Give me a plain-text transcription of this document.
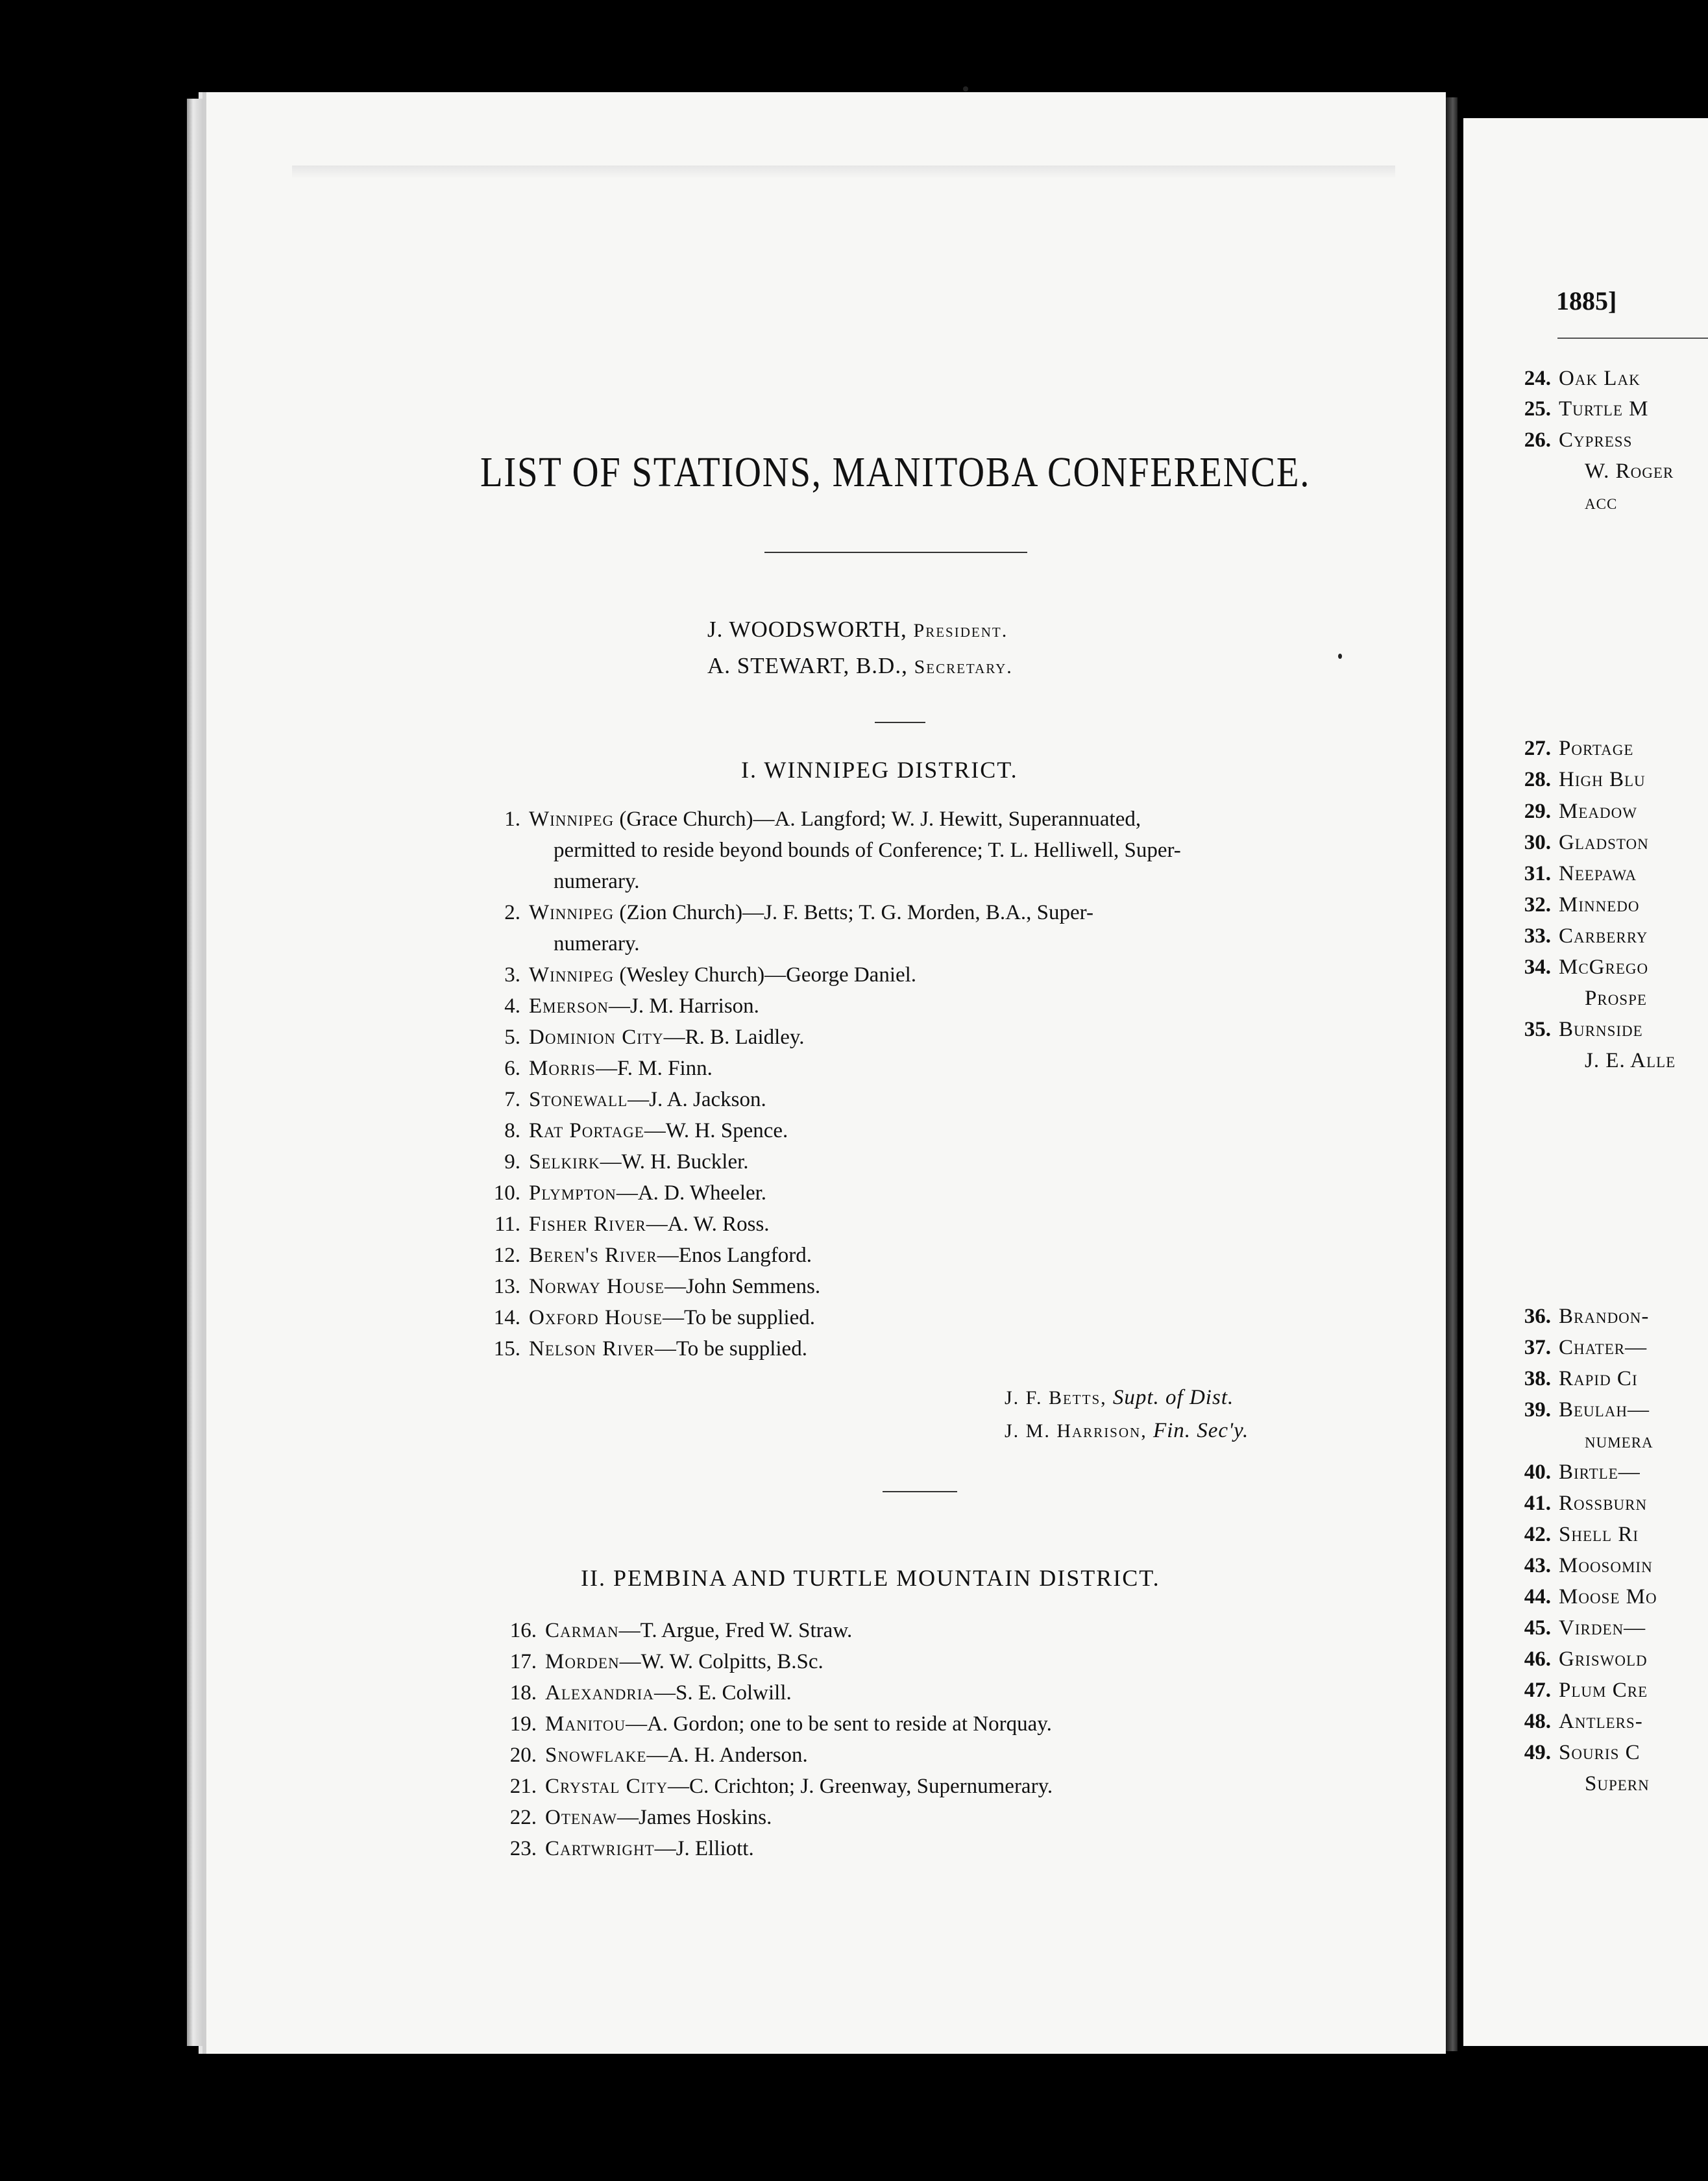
LIST OF STATIONS, MANITOBA CONFERENCE.
J. WOODSWORTH, President.
A. STEWART, B.D., Secretary.
I. WINNIPEG DISTRICT.
1. Winnipeg (Grace Church)—A. Langford; W. J. Hewitt, Superannuated,
permitted to reside beyond bounds of Conference; T. L. Helliwell, Super-
numerary.
2. Winnipeg (Zion Church)—J. F. Betts; T. G. Morden, B.A., Super-
numerary.
3. Winnipeg (Wesley Church)—George Daniel.
4. Emerson—J. M. Harrison.
5. Dominion City—R. B. Laidley.
6. Morris—F. M. Finn.
7. Stonewall—J. A. Jackson.
8. Rat Portage—W. H. Spence.
9. Selkirk—W. H. Buckler.
10. Plympton—A. D. Wheeler.
11. Fisher River—A. W. Ross.
12. Beren's River—Enos Langford.
13. Norway House—John Semmens.
14. Oxford House—To be supplied.
15. Nelson River—To be supplied.
J. F. Betts, Supt. of Dist.
J. M. Harrison, Fin. Sec'y.
II. PEMBINA AND TURTLE MOUNTAIN DISTRICT.
16. Carman—T. Argue, Fred W. Straw.
17. Morden—W. W. Colpitts, B.Sc.
18. Alexandria—S. E. Colwill.
19. Manitou—A. Gordon; one to be sent to reside at Norquay.
20. Snowflake—A. H. Anderson.
21. Crystal City—C. Crichton; J. Greenway, Supernumerary.
22. Otenaw—James Hoskins.
23. Cartwright—J. Elliott.
1885]
24. Oak Lak
25. Turtle M
26. Cypress
W. Roger
acc
27. Portage
28. High Blu
29. Meadow
30. Gladston
31. Neepawa
32. Minnedo
33. Carberry
34. McGrego
Prospe
35. Burnside
J. E. Alle
36. Brandon-
37. Chater—
38. Rapid Ci
39. Beulah—
numera
40. Birtle—
41. Rossburn
42. Shell Ri
43. Moosomin
44. Moose Mo
45. Virden—
46. Griswold
47. Plum Cre
48. Antlers-
49. Souris C
Supern
